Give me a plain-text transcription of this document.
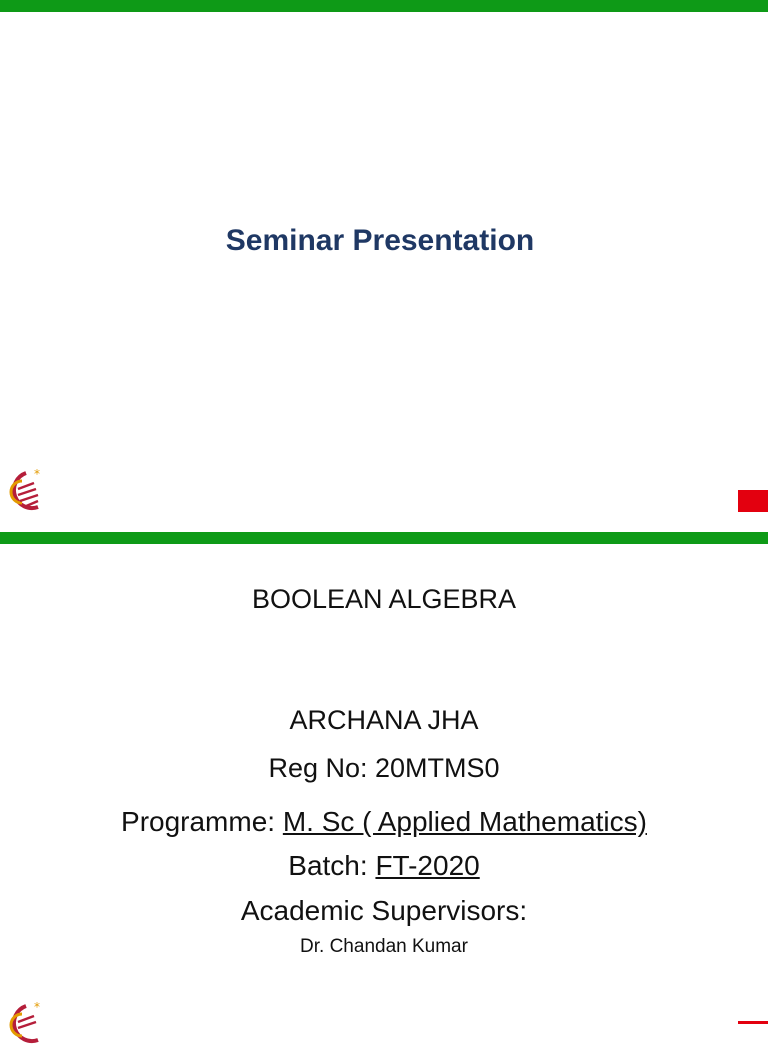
Seminar Presentation
*
BOOLEAN ALGEBRA
ARCHANA JHA
Reg No: 20MTMS0
Programme: M. Sc ( Applied Mathematics)
Batch: FT-2020
Academic Supervisors:
Dr. Chandan Kumar
*
